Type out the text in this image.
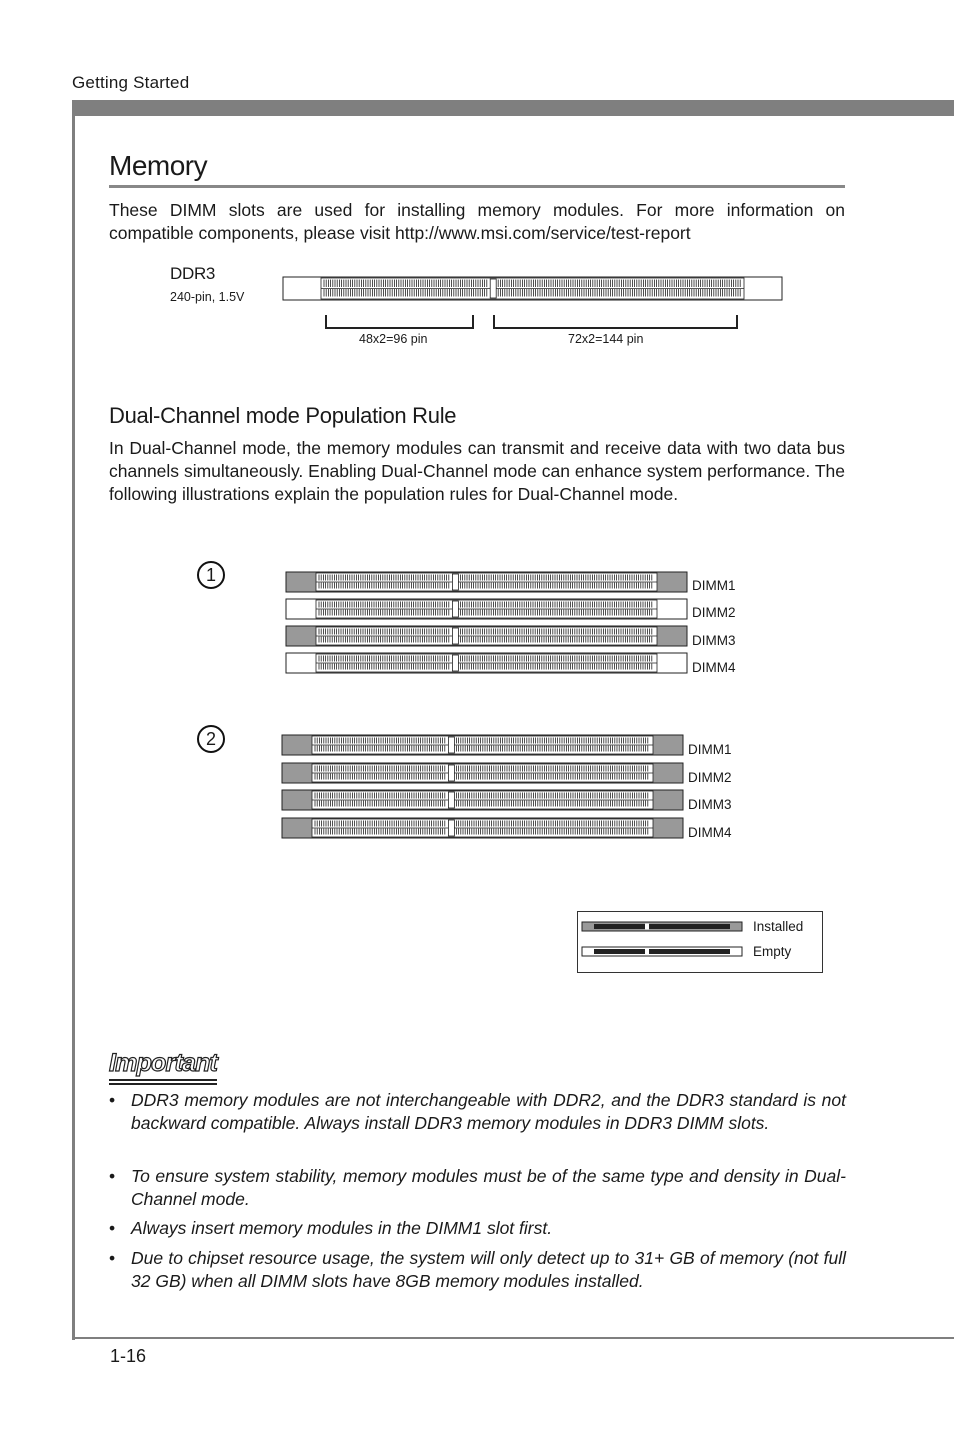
Getting Started
Memory
These DIMM slots are used for installing memory modules. For more information on compatible components, please visit http://www.msi.com/service/test-report
DDR3
240-pin, 1.5V
48x2=96 pin	72x2=144 pin
Dual-Channel mode Population Rule
In Dual-Channel mode, the memory modules can transmit and receive data with two data bus channels simultaneously. Enabling Dual-Channel mode can enhance system performance. The following illustrations explain the population rules for Dual-Channel mode.
1
DIMM1
DIMM2
DIMM3
DIMM4
2
DIMM1
DIMM2
DIMM3
DIMM4
Installed
Empty
Important
• DDR3 memory modules are not interchangeable with DDR2, and the DDR3 standard is not backward compatible. Always install DDR3 memory modules in DDR3 DIMM slots.
• To ensure system stability, memory modules must be of the same type and density in Dual-Channel mode.
• Always insert memory modules in the DIMM1 slot first.
• Due to chipset resource usage, the system will only detect up to 31+ GB of memory (not full 32 GB) when all DIMM slots have 8GB memory modules installed.
1-16
